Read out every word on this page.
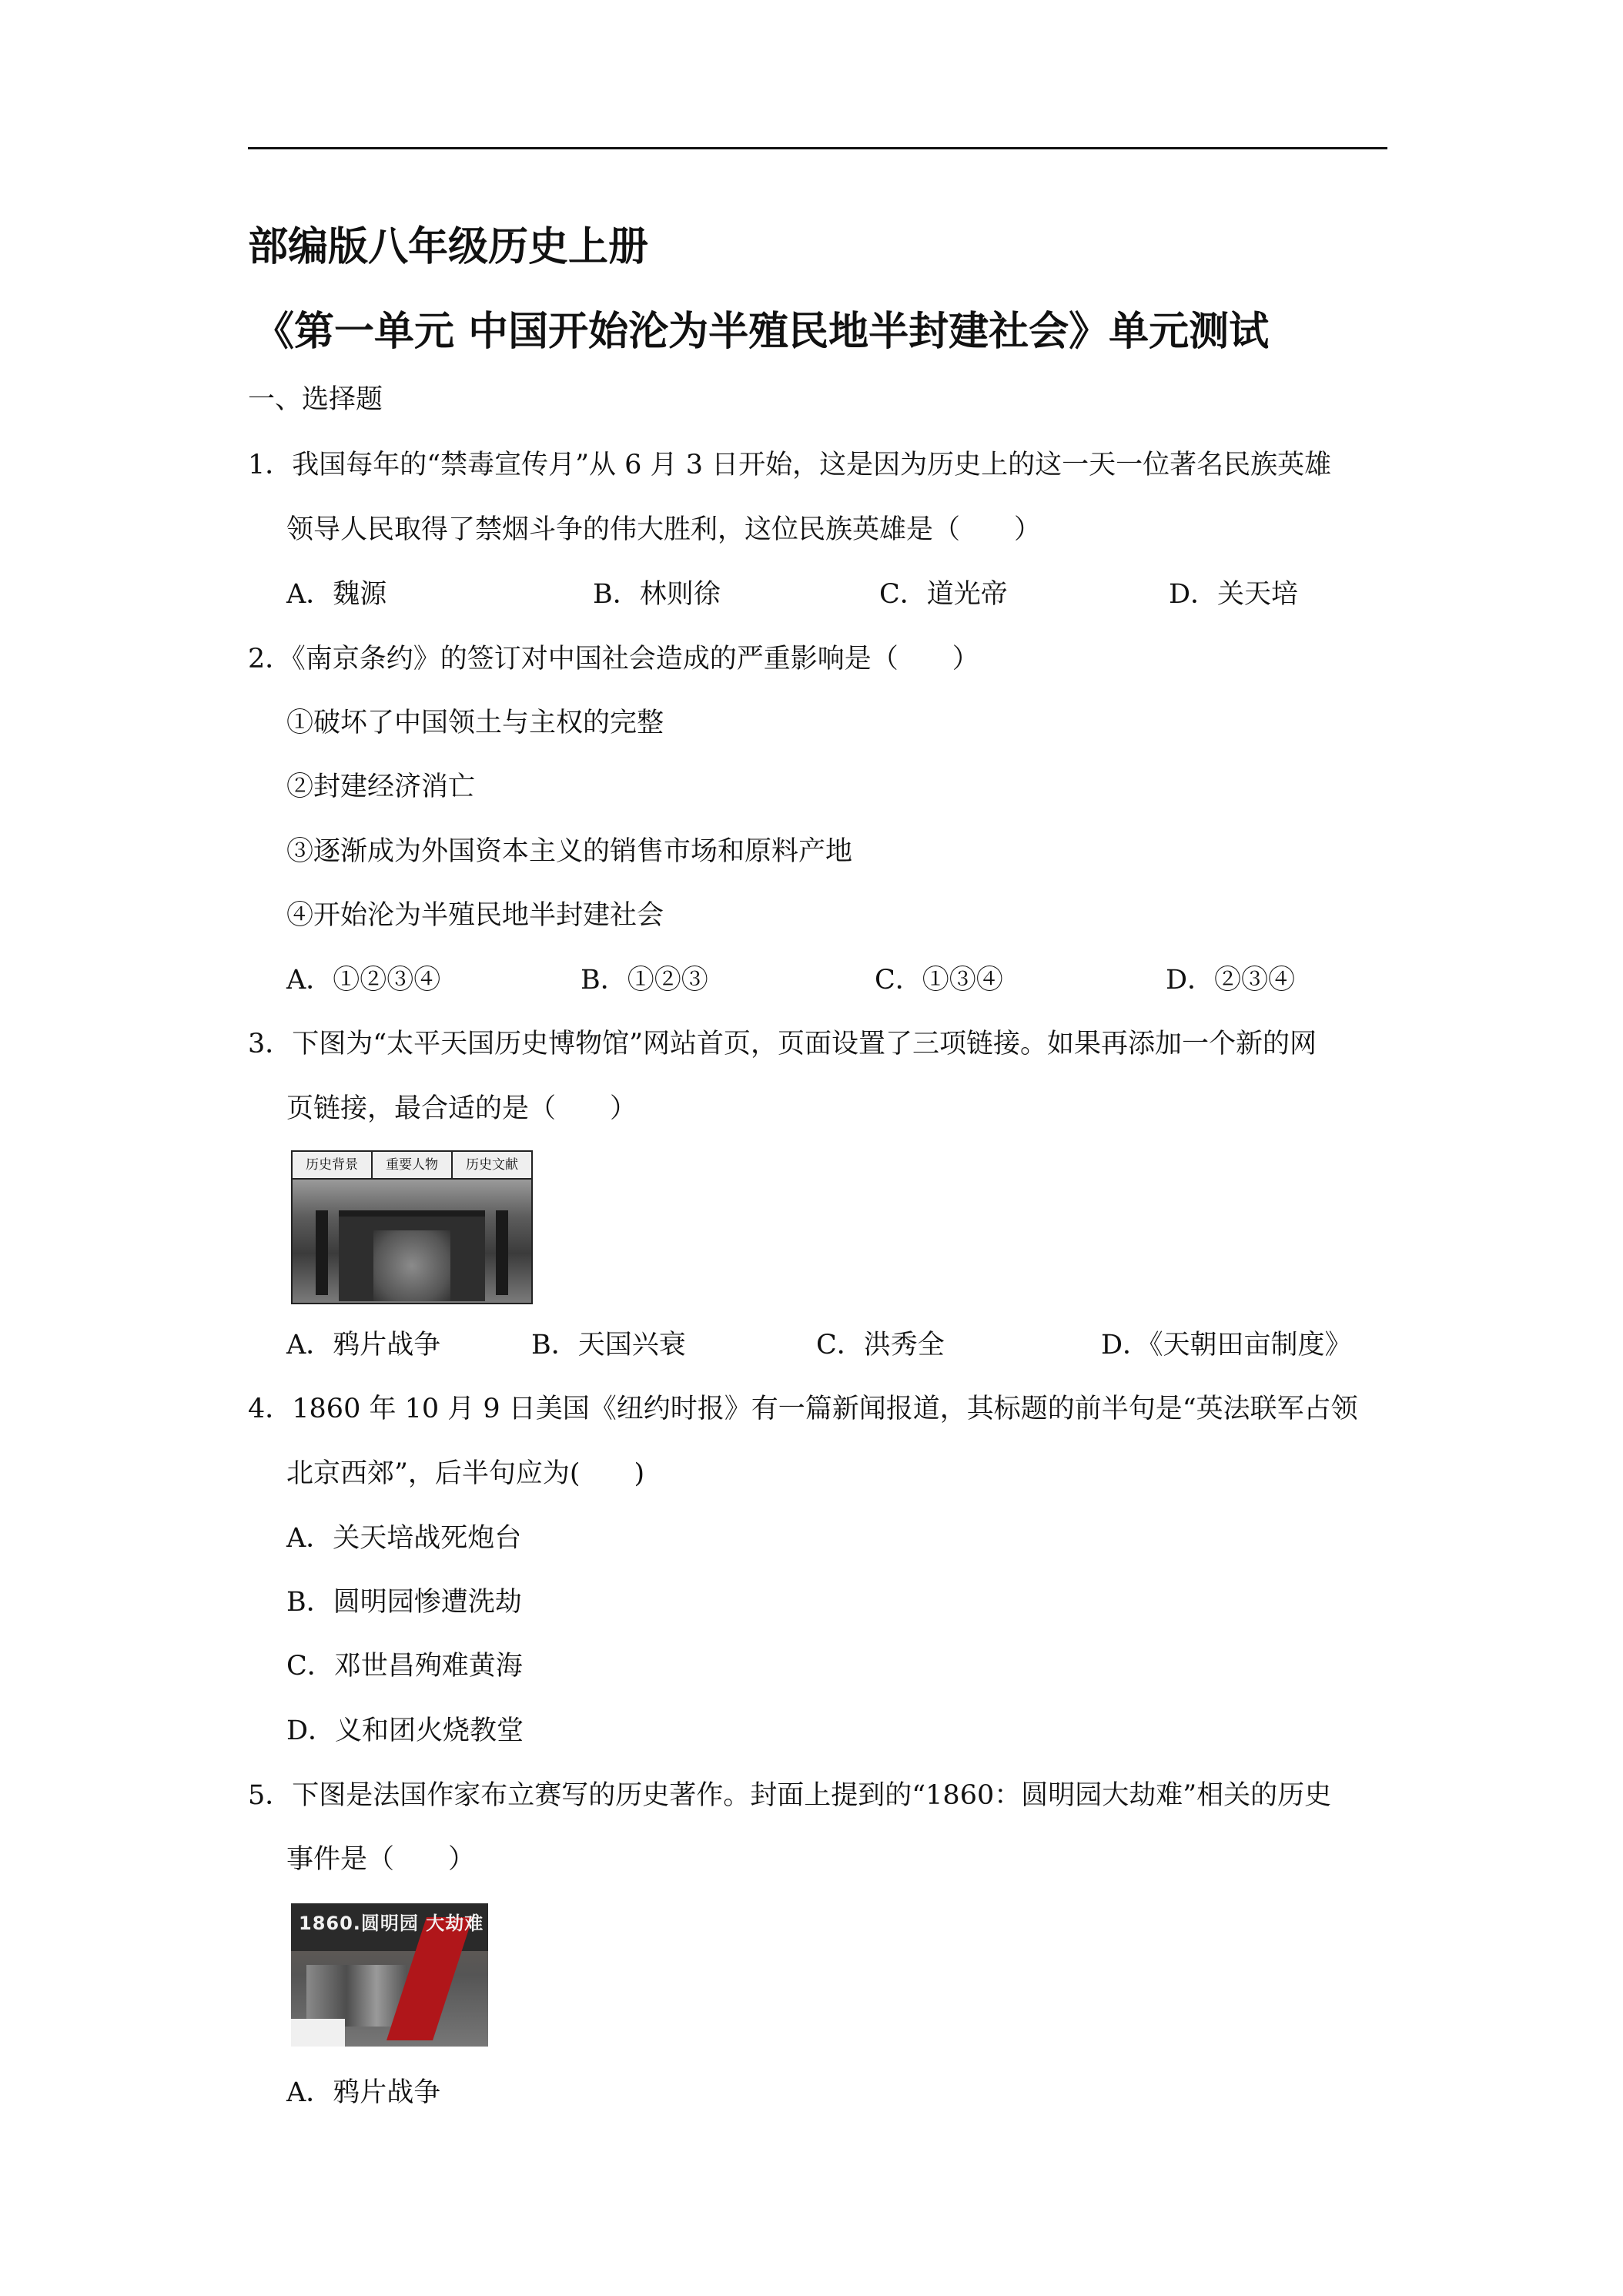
部编版八年级历史上册
《第一单元 中国开始沦为半殖民地半封建社会》单元测试
一、选择题
1．我国每年的“禁毒宣传月”从 6 月 3 日开始，这是因为历史上的这一天一位著名民族英雄
领导人民取得了禁烟斗争的伟大胜利，这位民族英雄是（　　）
A．魏源	B．林则徐	C．道光帝	D．关天培
2．《南京条约》的签订对中国社会造成的严重影响是（　　）
①破坏了中国领土与主权的完整
②封建经济消亡
③逐渐成为外国资本主义的销售市场和原料产地
④开始沦为半殖民地半封建社会
A．①②③④	B．①②③	C．①③④	D．②③④
3．下图为“太平天国历史博物馆”网站首页，页面设置了三项链接。如果再添加一个新的网
页链接，最合适的是（　　）
历史背景	重要人物	历史文献
A．鸦片战争	B．天国兴衰	C．洪秀全	D．《天朝田亩制度》
4．1860 年 10 月 9 日美国《纽约时报》有一篇新闻报道，其标题的前半句是“英法联军占领
北京西郊”，后半句应为(　　)
A．关天培战死炮台
B．圆明园惨遭洗劫
C．邓世昌殉难黄海
D．义和团火烧教堂
5．下图是法国作家布立赛写的历史著作。封面上提到的“1860：圆明园大劫难”相关的历史
事件是（　　）
1860.圆明园 大劫难
A．鸦片战争
